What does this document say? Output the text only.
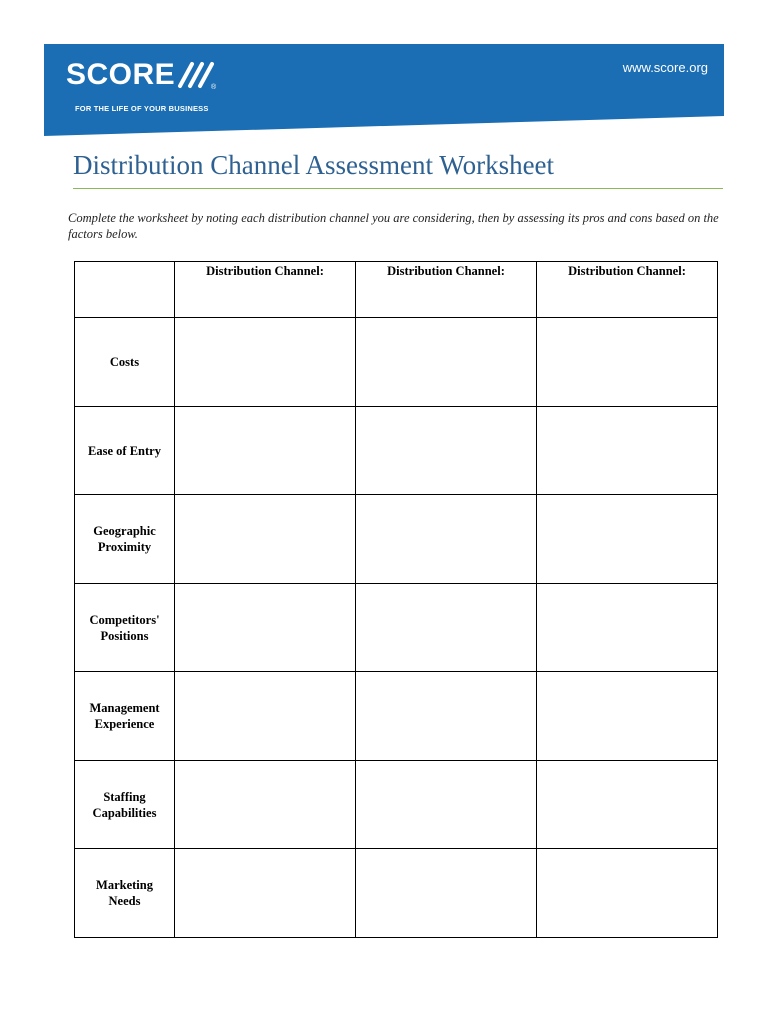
SCORE	®
FOR THE LIFE OF YOUR BUSINESS
www.score.org
Distribution Channel Assessment Worksheet
Complete the worksheet by noting each distribution channel you are considering, then by assessing its pros and cons based on the factors below.
	Distribution Channel:	Distribution Channel:	Distribution Channel:
Costs			
Ease of Entry			
Geographic Proximity			
Competitors' Positions			
Management Experience			
Staffing Capabilities			
Marketing Needs			
